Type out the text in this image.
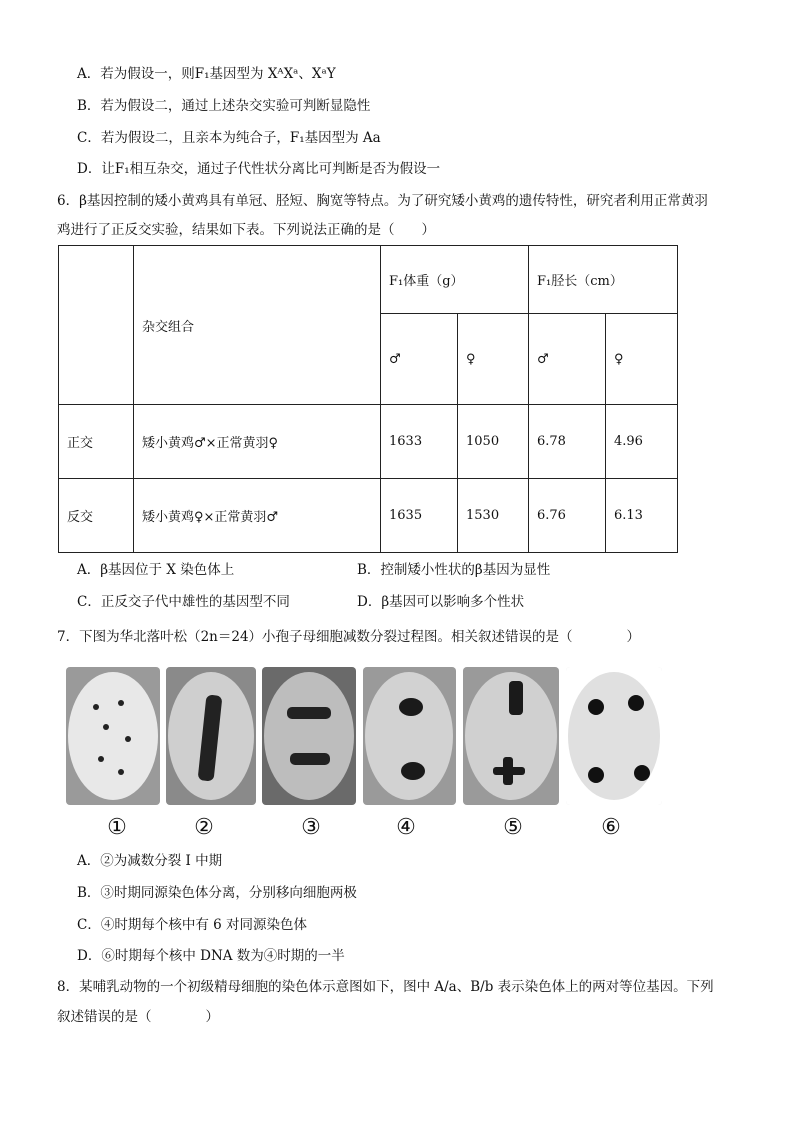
A．若为假设一，则F₁基因型为 XᴬXᵃ、XᵃY
B．若为假设二，通过上述杂交实验可判断显隐性
C．若为假设二，且亲本为纯合子，F₁基因型为 Aa
D．让F₁相互杂交，通过子代性状分离比可判断是否为假设一
6．β基因控制的矮小黄鸡具有单冠、胫短、胸宽等特点。为了研究矮小黄鸡的遗传特性，研究者利用正常黄羽
鸡进行了正反交实验，结果如下表。下列说法正确的是（　　）
	杂交组合	F₁体重（g）		F₁胫长（cm）	
		♂	♀	♂	♀
正交	矮小黄鸡♂×正常黄羽♀	1633	1050	6.78	4.96
反交	矮小黄鸡♀×正常黄羽♂	1635	1530	6.76	6.13
A．β基因位于 X 染色体上	B．控制矮小性状的β基因为显性
C．正反交子代中雄性的基因型不同	D．β基因可以影响多个性状
7．下图为华北落叶松（2n＝24）小孢子母细胞减数分裂过程图。相关叙述错误的是（　　　　）
①	②	③	④	⑤	⑥
A．②为减数分裂 Ⅰ 中期
B．③时期同源染色体分离，分别移向细胞两极
C．④时期每个核中有 6 对同源染色体
D．⑥时期每个核中 DNA 数为④时期的一半
8．某哺乳动物的一个初级精母细胞的染色体示意图如下，图中 A/a、B/b 表示染色体上的两对等位基因。下列
叙述错误的是（　　　　）
